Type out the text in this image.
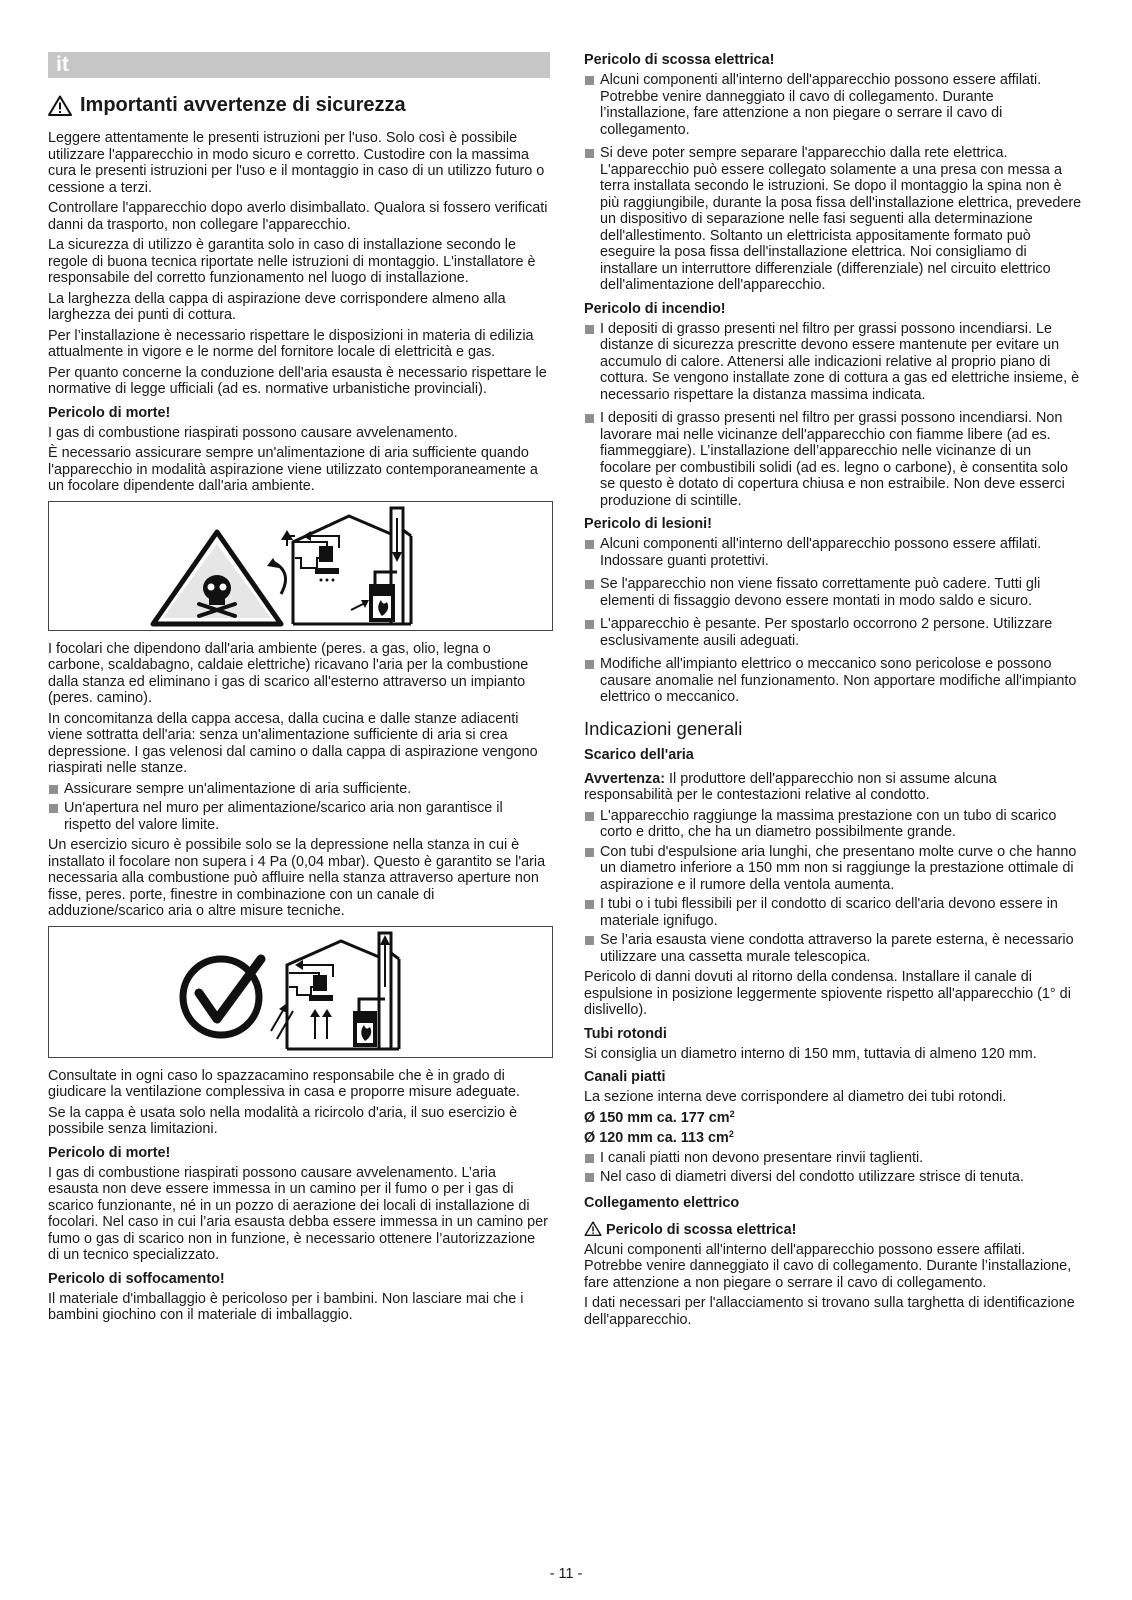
it
Importanti avvertenze di sicurezza

Leggere attentamente le presenti istruzioni per l'uso. Solo così è possibile utilizzare l'apparecchio in modo sicuro e corretto. Custodire con la massima cura le presenti istruzioni per l'uso e il montaggio in caso di un utilizzo futuro o cessione a terzi.

Controllare l'apparecchio dopo averlo disimballato. Qualora si fossero verificati danni da trasporto, non collegare l'apparecchio.

La sicurezza di utilizzo è garantita solo in caso di installazione secondo le regole di buona tecnica riportate nelle istruzioni di montaggio. L'installatore è responsabile del corretto funzionamento nel luogo di installazione.

La larghezza della cappa di aspirazione deve corrispondere almeno alla larghezza dei punti di cottura.

Per l’installazione è necessario rispettare le disposizioni in materia di edilizia attualmente in vigore e le norme del fornitore locale di elettricità e gas.

Per quanto concerne la conduzione dell'aria esausta è necessario rispettare le normative di legge ufficiali (ad es. normative urbanistiche provinciali).

Pericolo di morte!

I gas di combustione riaspirati possono causare avvelenamento.

È necessario assicurare sempre un'alimentazione di aria sufficiente quando l'apparecchio in modalità aspirazione viene utilizzato contemporaneamente a un focolare dipendente dall'aria ambiente.

I focolari che dipendono dall'aria ambiente (peres. a gas, olio, legna o carbone, scaldabagno, caldaie elettriche) ricavano l'aria per la combustione dalla stanza ed eliminano i gas di scarico all'esterno attraverso un impianto (peres. camino).

In concomitanza della cappa accesa, dalla cucina e dalle stanze adiacenti viene sottratta dell'aria: senza un'alimentazione sufficiente di aria si crea depressione. I gas velenosi dal camino o dalla cappa di aspirazione vengono riaspirati nelle stanze.

Assicurare sempre un'alimentazione di aria sufficiente.
Un'apertura nel muro per alimentazione/scarico aria non garantisce il rispetto del valore limite.

Un esercizio sicuro è possibile solo se la depressione nella stanza in cui è installato il focolare non supera i 4 Pa (0,04 mbar). Questo è garantito se l'aria necessaria alla combustione può affluire nella stanza attraverso aperture non fisse, peres. porte, finestre in combinazione con un canale di adduzione/scarico aria o altre misure tecniche.

Consultate in ogni caso lo spazzacamino responsabile che è in grado di giudicare la ventilazione complessiva in casa e proporre misure adeguate.

Se la cappa è usata solo nella modalità a ricircolo d'aria, il suo esercizio è possibile senza limitazioni.

Pericolo di morte!

I gas di combustione riaspirati possono causare avvelenamento. L’aria esausta non deve essere immessa in un camino per il fumo o per i gas di scarico funzionante, né in un pozzo di aerazione dei locali di installazione di focolari. Nel caso in cui l’aria esausta debba essere immessa in un camino per fumo o gas di scarico non in funzione, è necessario ottenere l’autorizzazione di un tecnico specializzato.

Pericolo di soffocamento!

Il materiale d'imballaggio è pericoloso per i bambini. Non lasciare mai che i bambini giochino con il materiale di imballaggio.

Pericolo di scossa elettrica!
Alcuni componenti all'interno dell'apparecchio possono essere affilati. Potrebbe venire danneggiato il cavo di collegamento. Durante l’installazione, fare attenzione a non piegare o serrare il cavo di collegamento.
Si deve poter sempre separare l'apparecchio dalla rete elettrica. L'apparecchio può essere collegato solamente a una presa con messa a terra installata secondo le istruzioni. Se dopo il montaggio la spina non è più raggiungibile, durante la posa fissa dell'installazione elettrica, prevedere un dispositivo di separazione nelle fasi seguenti alla determinazione dell'allestimento. Soltanto un elettricista appositamente formato può eseguire la posa fissa dell'installazione elettrica. Noi consigliamo di installare un interruttore differenziale (differenziale) nel circuito elettrico dell'alimentazione dell'apparecchio.
Pericolo di incendio!
I depositi di grasso presenti nel filtro per grassi possono incendiarsi. Le distanze di sicurezza prescritte devono essere mantenute per evitare un accumulo di calore. Attenersi alle indicazioni relative al proprio piano di cottura. Se vengono installate zone di cottura a gas ed elettriche insieme, è necessario rispettare la distanza massima indicata.
I depositi di grasso presenti nel filtro per grassi possono incendiarsi. Non lavorare mai nelle vicinanze dell'apparecchio con fiamme libere (ad es. fiammeggiare). L’installazione dell’apparecchio nelle vicinanze di un focolare per combustibili solidi (ad es. legno o carbone), è consentita solo se questo è dotato di copertura chiusa e non estraibile. Non deve esserci produzione di scintille.
Pericolo di lesioni!
Alcuni componenti all'interno dell'apparecchio possono essere affilati. Indossare guanti protettivi.
Se l'apparecchio non viene fissato correttamente può cadere. Tutti gli elementi di fissaggio devono essere montati in modo saldo e sicuro.
L'apparecchio è pesante. Per spostarlo occorrono 2 persone. Utilizzare esclusivamente ausili adeguati.
Modifiche all'impianto elettrico o meccanico sono pericolose e possono causare anomalie nel funzionamento. Non apportare modifiche all'impianto elettrico o meccanico.
Indicazioni generali
Scarico dell'aria

Avvertenza: Il produttore dell'apparecchio non si assume alcuna responsabilità per le contestazioni relative al condotto.

L'apparecchio raggiunge la massima prestazione con un tubo di scarico corto e dritto, che ha un diametro possibilmente grande.
Con tubi d'espulsione aria lunghi, che presentano molte curve o che hanno un diametro inferiore a 150 mm non si raggiunge la prestazione ottimale di aspirazione e il rumore della ventola aumenta.
I tubi o i tubi flessibili per il condotto di scarico dell'aria devono essere in materiale ignifugo.
Se l’aria esausta viene condotta attraverso la parete esterna, è necessario utilizzare una cassetta murale telescopica.

Pericolo di danni dovuti al ritorno della condensa. Installare il canale di espulsione in posizione leggermente spiovente rispetto all'apparecchio (1° di dislivello).

Tubi rotondi

Si consiglia un diametro interno di 150 mm, tuttavia di almeno 120 mm.

Canali piatti

La sezione interna deve corrispondere al diametro dei tubi rotondi.

Ø 150 mm ca. 177 $cm^2$
Ø 120 mm ca. 113 $cm^2$
I canali piatti non devono presentare rinvii taglienti.
Nel caso di diametri diversi del condotto utilizzare strisce di tenuta.
Collegamento elettrico
Pericolo di scossa elettrica!

Alcuni componenti all'interno dell'apparecchio possono essere affilati. Potrebbe venire danneggiato il cavo di collegamento. Durante l’installazione, fare attenzione a non piegare o serrare il cavo di collegamento.

I dati necessari per l'allacciamento si trovano sulla targhetta di identificazione dell'apparecchio.

- 11 -
